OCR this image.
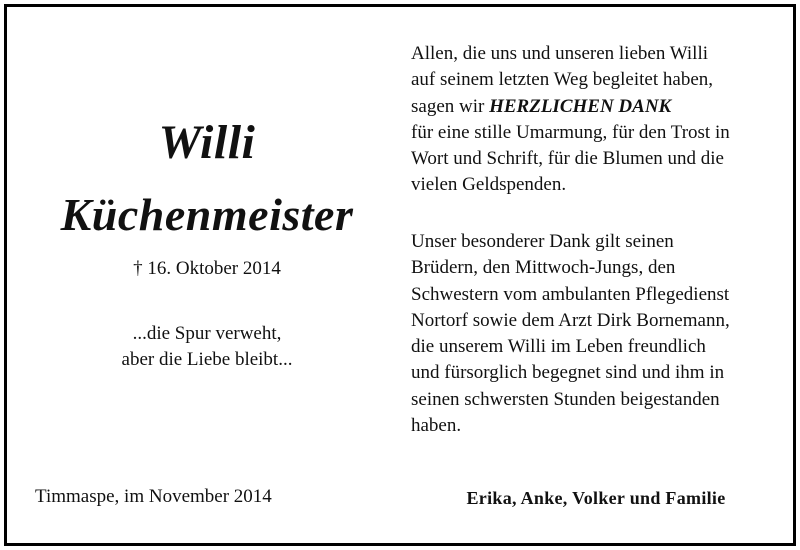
Willi
Küchenmeister
† 16. Oktober 2014
...die Spur verweht,
aber die Liebe bleibt...
Timmaspe, im November 2014
Allen, die uns und unseren lieben Willi
auf seinem letzten Weg begleitet haben,
sagen wir HERZLICHEN DANK
für eine stille Umarmung, für den Trost in
Wort und Schrift, für die Blumen und die
vielen Geldspenden.
Unser besonderer Dank gilt seinen
Brüdern, den Mittwoch-Jungs, den
Schwestern vom ambulanten Pflegedienst
Nortorf sowie dem Arzt Dirk Bornemann,
die unserem Willi im Leben freundlich
und fürsorglich begegnet sind und ihm in
seinen schwersten Stunden beigestanden
haben.
Erika, Anke, Volker und Familie
